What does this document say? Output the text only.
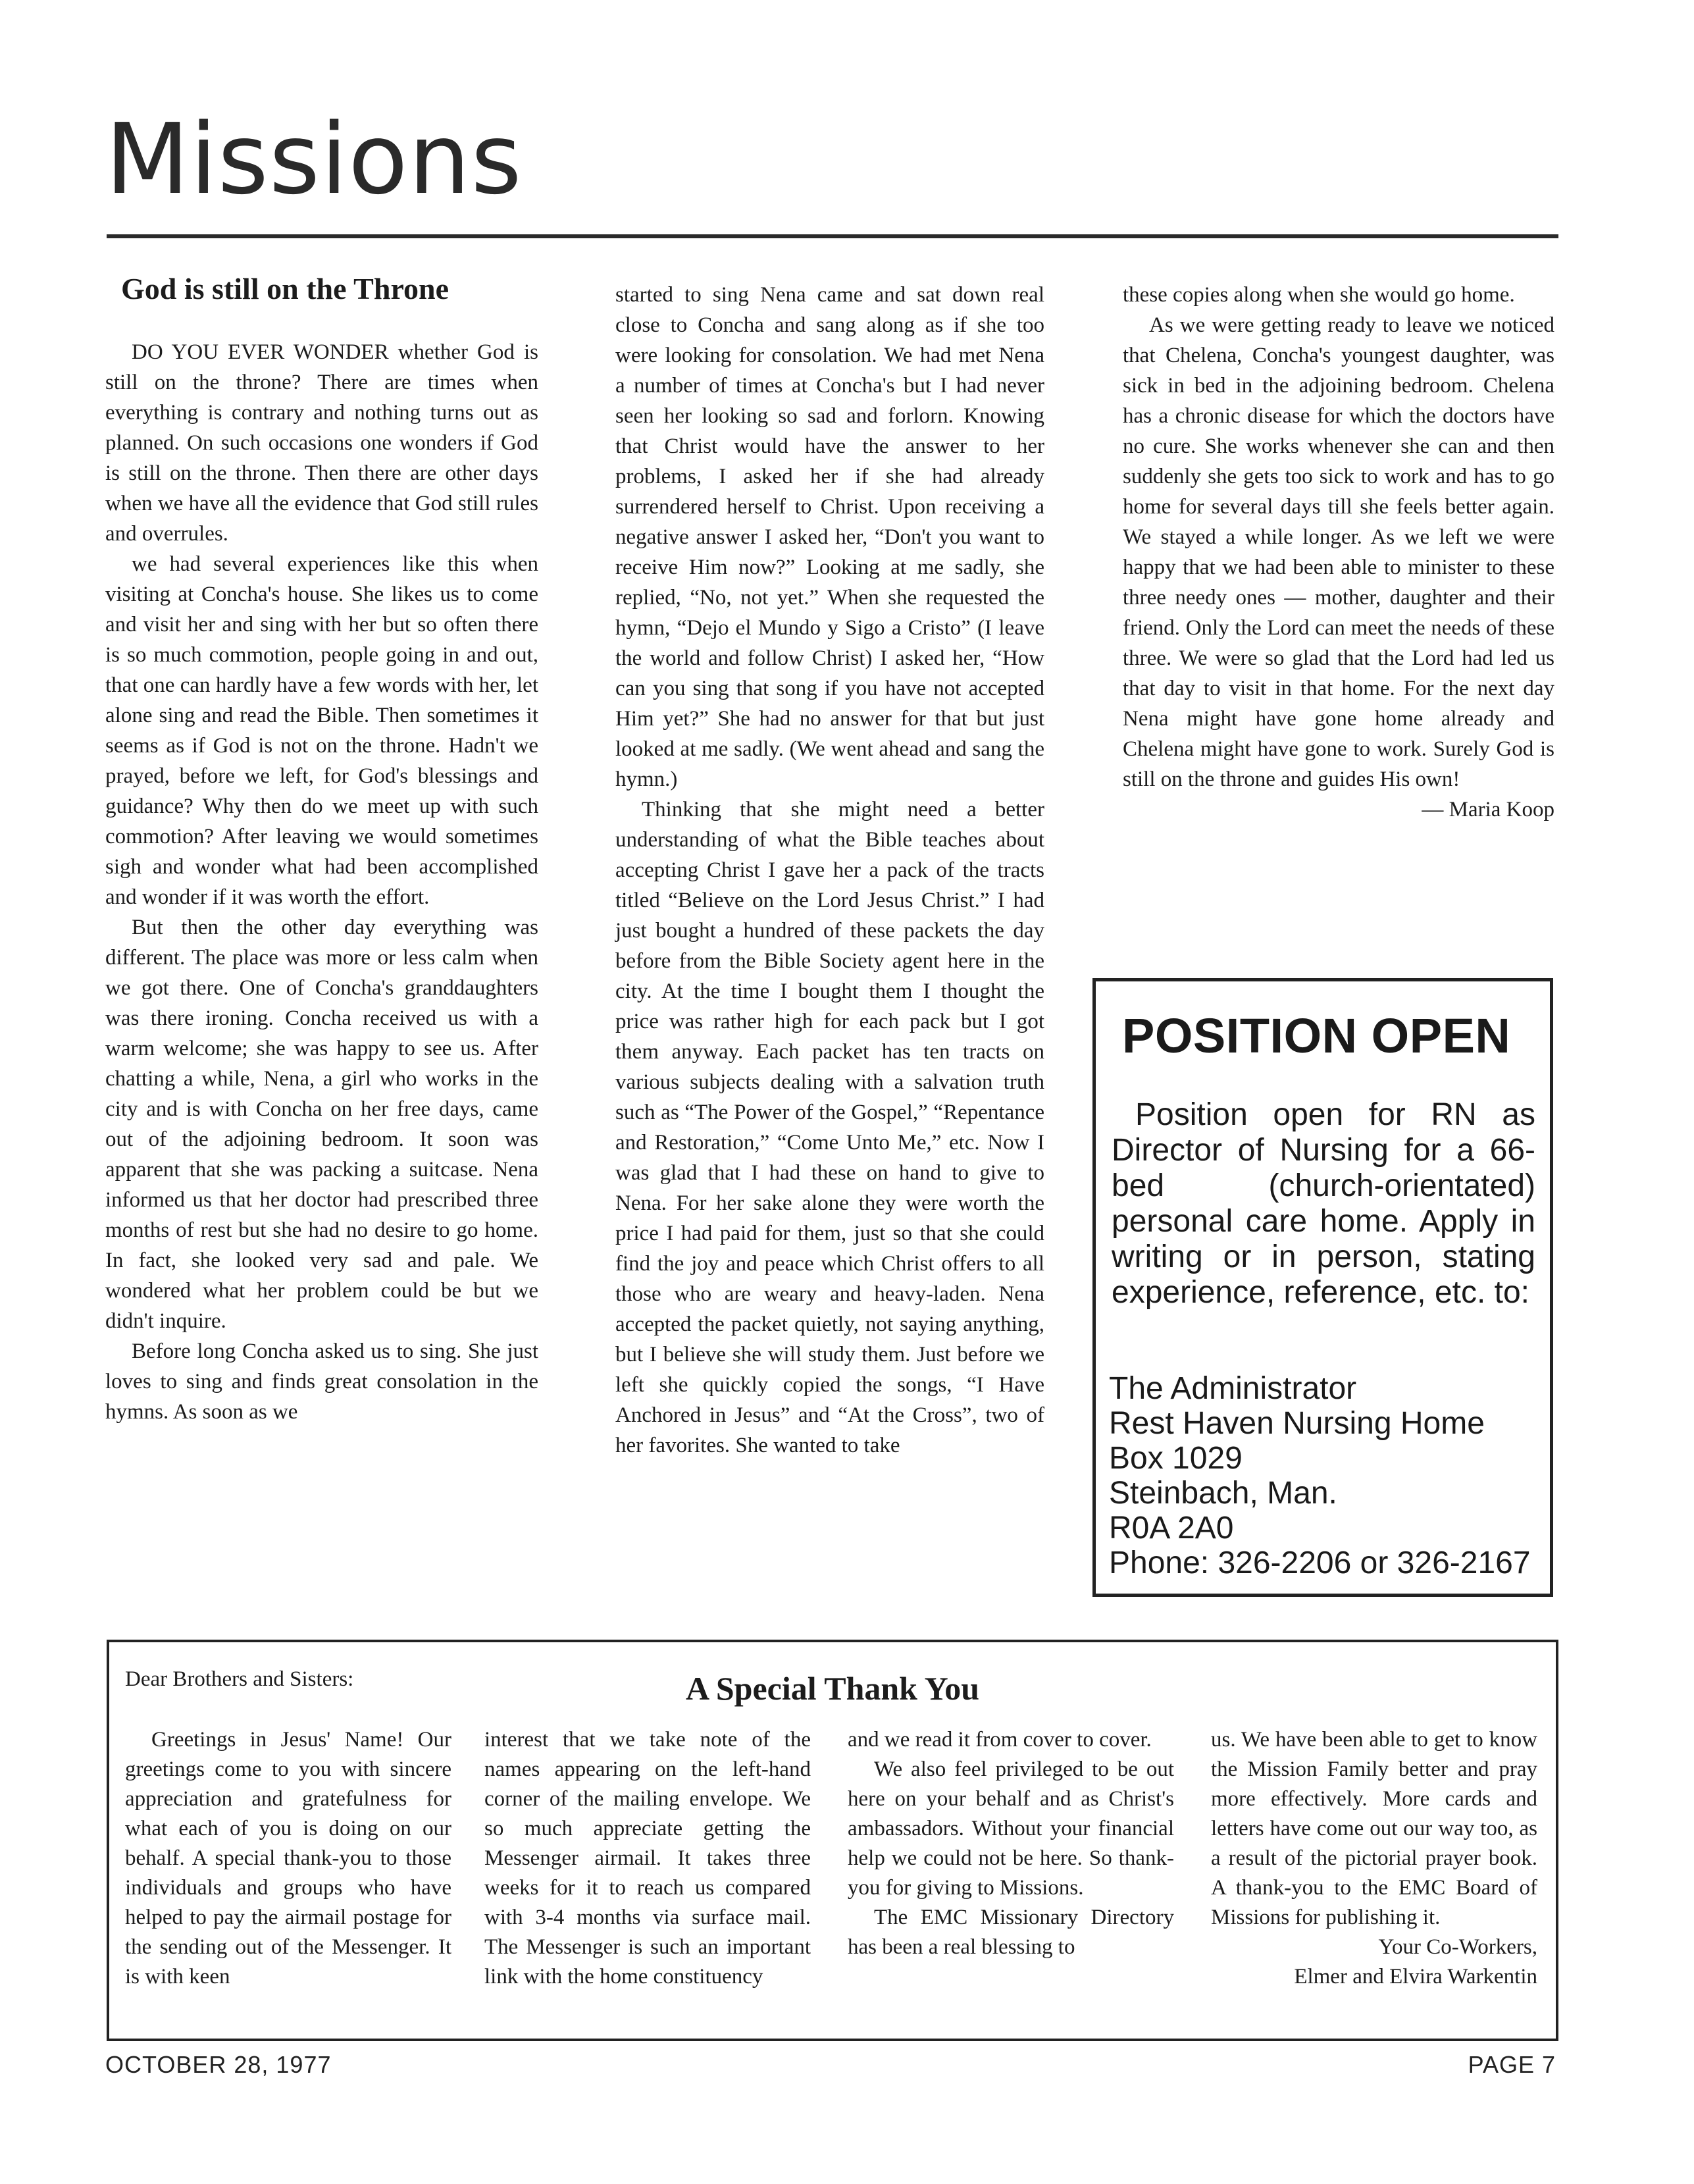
Missions
God is still on the Throne

DO YOU EVER WONDER whether God is still on the throne? There are times when everything is contrary and nothing turns out as planned. On such occasions one wonders if God is still on the throne. Then there are other days when we have all the evidence that God still rules and overrules.

we had several experiences like this when visiting at Concha's house. She likes us to come and visit her and sing with her but so often there is so much commotion, people going in and out, that one can hardly have a few words with her, let alone sing and read the Bible. Then sometimes it seems as if God is not on the throne. Hadn't we prayed, before we left, for God's blessings and guidance? Why then do we meet up with such commotion? After leaving we would sometimes sigh and wonder what had been accomplished and wonder if it was worth the effort.

But then the other day everything was different. The place was more or less calm when we got there. One of Concha's granddaughters was there ironing. Concha received us with a warm welcome; she was happy to see us. After chatting a while, Nena, a girl who works in the city and is with Concha on her free days, came out of the adjoining bedroom. It soon was apparent that she was packing a suitcase. Nena informed us that her doctor had prescribed three months of rest but she had no desire to go home. In fact, she looked very sad and pale. We wondered what her problem could be but we didn't inquire.

Before long Concha asked us to sing. She just loves to sing and finds great consolation in the hymns. As soon as we

started to sing Nena came and sat down real close to Concha and sang along as if she too were looking for consolation. We had met Nena a number of times at Concha's but I had never seen her looking so sad and forlorn. Knowing that Christ would have the answer to her problems, I asked her if she had already surrendered herself to Christ. Upon receiving a negative answer I asked her, “Don't you want to receive Him now?” Looking at me sadly, she replied, “No, not yet.” When she requested the hymn, “Dejo el Mundo y Sigo a Cristo” (I leave the world and follow Christ) I asked her, “How can you sing that song if you have not accepted Him yet?” She had no answer for that but just looked at me sadly. (We went ahead and sang the hymn.)

Thinking that she might need a better understanding of what the Bible teaches about accepting Christ I gave her a pack of the tracts titled “Believe on the Lord Jesus Christ.” I had just bought a hundred of these packets the day before from the Bible Society agent here in the city. At the time I bought them I thought the price was rather high for each pack but I got them anyway. Each packet has ten tracts on various subjects dealing with a salvation truth such as “The Power of the Gospel,” “Repentance and Restoration,” “Come Unto Me,” etc. Now I was glad that I had these on hand to give to Nena. For her sake alone they were worth the price I had paid for them, just so that she could find the joy and peace which Christ offers to all those who are weary and heavy-laden. Nena accepted the packet quietly, not saying anything, but I believe she will study them. Just before we left she quickly copied the songs, “I Have Anchored in Jesus” and “At the Cross”, two of her favorites. She wanted to take

these copies along when she would go home.

As we were getting ready to leave we noticed that Chelena, Concha's youngest daughter, was sick in bed in the adjoining bedroom. Chelena has a chronic disease for which the doctors have no cure. She works whenever she can and then suddenly she gets too sick to work and has to go home for several days till she feels better again. We stayed a while longer. As we left we were happy that we had been able to minister to these three needy ones — mother, daughter and their friend. Only the Lord can meet the needs of these three. We were so glad that the Lord had led us that day to visit in that home. For the next day Nena might have gone home already and Chelena might have gone to work. Surely God is still on the throne and guides His own!

— Maria Koop

POSITION OPEN
Position open for RN as Director of Nursing for a 66-bed (church-orientated) personal care home. Apply in writing or in person, stating experience, reference, etc. to:
The Administrator
Rest Haven Nursing Home
Box 1029
Steinbach, Man.
R0A 2A0
Phone: 326-2206 or 326-2167
A Special Thank You
Dear Brothers and Sisters:

Greetings in Jesus' Name! Our greetings come to you with sincere appreciation and gratefulness for what each of you is doing on our behalf. A special thank-you to those individuals and groups who have helped to pay the airmail postage for the sending out of the Messenger. It is with keen

interest that we take note of the names appearing on the left-hand corner of the mailing envelope. We so much appreciate getting the Messenger airmail. It takes three weeks for it to reach us compared with 3-4 months via surface mail. The Messenger is such an important link with the home constituency

and we read it from cover to cover.

We also feel privileged to be out here on your behalf and as Christ's ambassadors. Without your financial help we could not be here. So thank-you for giving to Missions.

The EMC Missionary Directory has been a real blessing to

us. We have been able to get to know the Mission Family better and pray more effectively. More cards and letters have come out our way too, as a result of the pictorial prayer book. A thank-you to the EMC Board of Missions for publishing it.

Your Co-Workers,

Elmer and Elvira Warkentin

OCTOBER 28, 1977	PAGE 7
